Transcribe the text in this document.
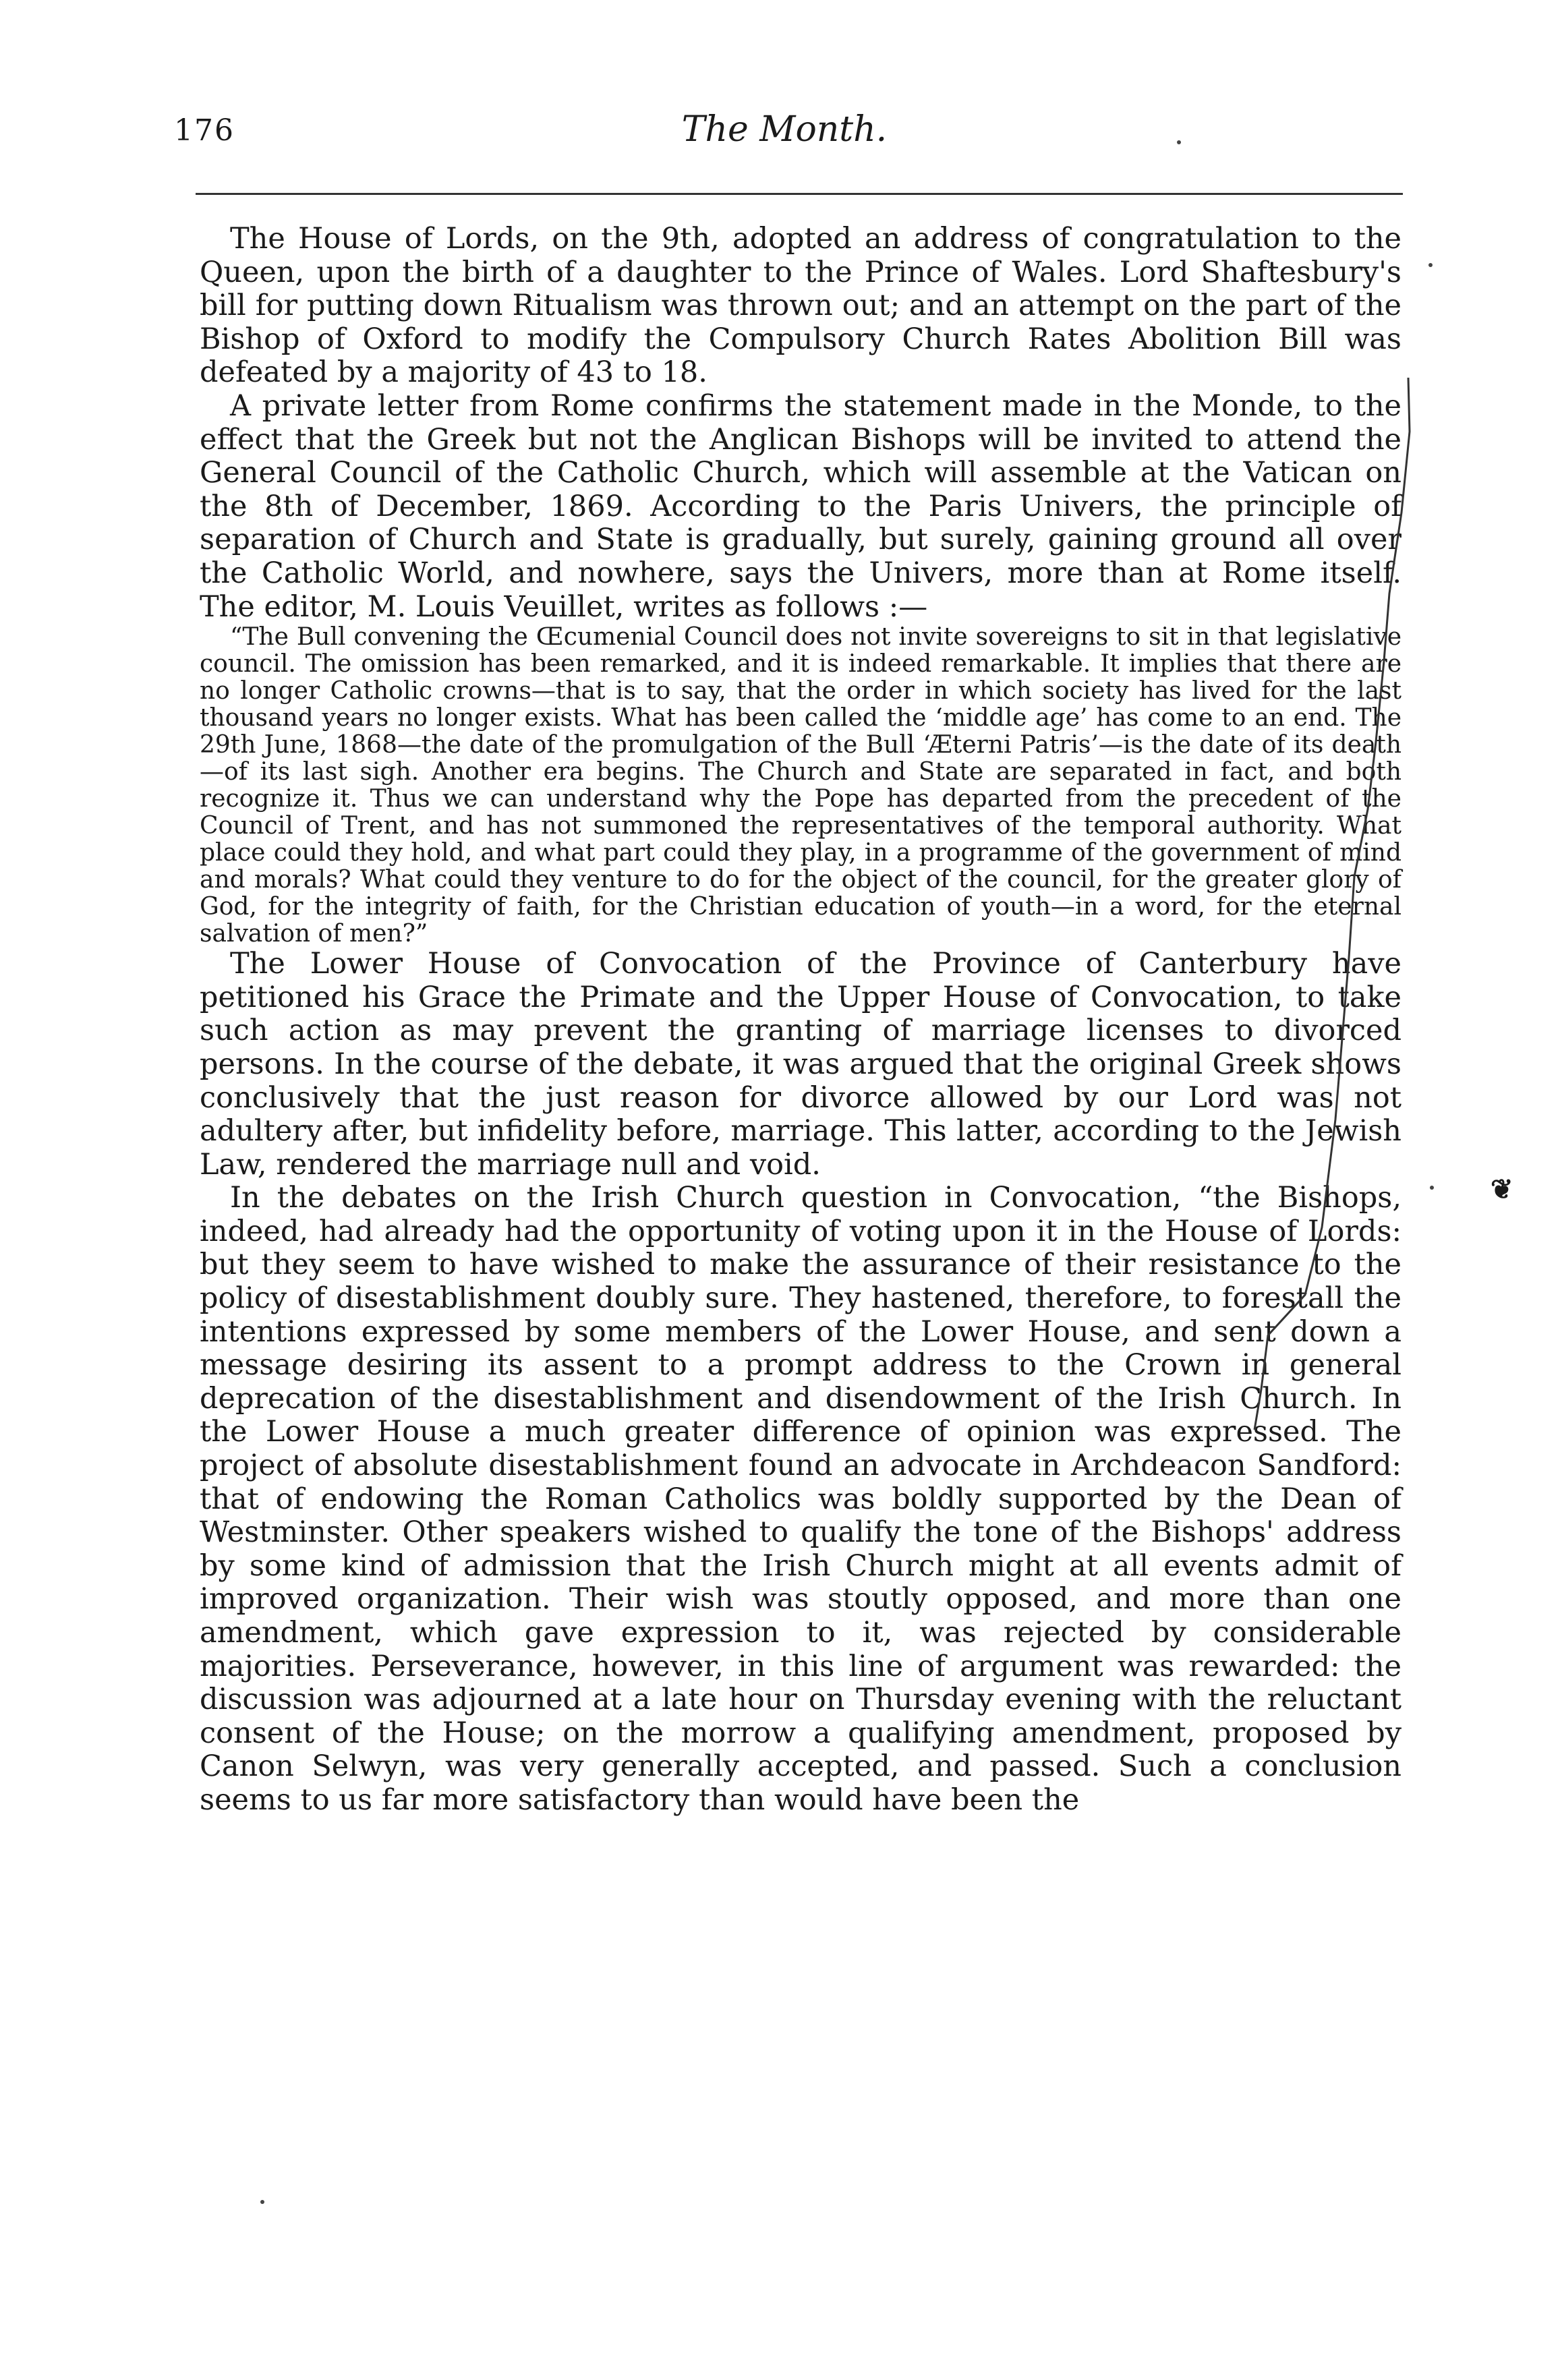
176	The Month.

The House of Lords, on the 9th, adopted an address of congratulation to the Queen, upon the birth of a daughter to the Prince of Wales. Lord Shaftesbury's bill for putting down Ritualism was thrown out; and an attempt on the part of the Bishop of Oxford to modify the Compulsory Church Rates Abolition Bill was defeated by a majority of 43 to 18.

A private letter from Rome confirms the statement made in the Monde, to the effect that the Greek but not the Anglican Bishops will be invited to attend the General Council of the Catholic Church, which will assemble at the Vatican on the 8th of December, 1869. According to the Paris Univers, the principle of separation of Church and State is gradually, but surely, gaining ground all over the Catholic World, and nowhere, says the Univers, more than at Rome itself. The editor, M. Louis Veuillet, writes as follows :—

“The Bull convening the Œcumenial Council does not invite sovereigns to sit in that legislative council. The omission has been remarked, and it is indeed remarkable. It implies that there are no longer Catholic crowns—that is to say, that the order in which society has lived for the last thousand years no longer exists. What has been called the ‘middle age’ has come to an end. The 29th June, 1868—the date of the promulgation of the Bull ‘Æterni Patris’—is the date of its death—of its last sigh. Another era begins. The Church and State are separated in fact, and both recognize it. Thus we can understand why the Pope has departed from the precedent of the Council of Trent, and has not summoned the representatives of the temporal authority. What place could they hold, and what part could they play, in a programme of the government of mind and morals? What could they venture to do for the object of the council, for the greater glory of God, for the integrity of faith, for the Christian education of youth—in a word, for the eternal salvation of men?”

The Lower House of Convocation of the Province of Canterbury have petitioned his Grace the Primate and the Upper House of Convocation, to take such action as may prevent the granting of marriage licenses to divorced persons. In the course of the debate, it was argued that the original Greek shows conclusively that the just reason for divorce allowed by our Lord was not adultery after, but infidelity before, marriage. This latter, according to the Jewish Law, rendered the marriage null and void.

In the debates on the Irish Church question in Convocation, “the Bishops, indeed, had already had the opportunity of voting upon it in the House of Lords: but they seem to have wished to make the assurance of their resistance to the policy of disestablishment doubly sure. They hastened, therefore, to forestall the intentions expressed by some members of the Lower House, and sent down a message desiring its assent to a prompt address to the Crown in general deprecation of the disestablishment and disendowment of the Irish Church. In the Lower House a much greater difference of opinion was expressed. The project of absolute disestablishment found an advocate in Archdeacon Sandford: that of endowing the Roman Catholics was boldly supported by the Dean of Westminster. Other speakers wished to qualify the tone of the Bishops' address by some kind of admission that the Irish Church might at all events admit of improved organization. Their wish was stoutly opposed, and more than one amendment, which gave expression to it, was rejected by considerable majorities. Perseverance, however, in this line of argument was rewarded: the discussion was adjourned at a late hour on Thursday evening with the reluctant consent of the House; on the morrow a qualifying amendment, proposed by Canon Selwyn, was very generally accepted, and passed. Such a conclusion seems to us far more satisfactory than would have been the

❦
